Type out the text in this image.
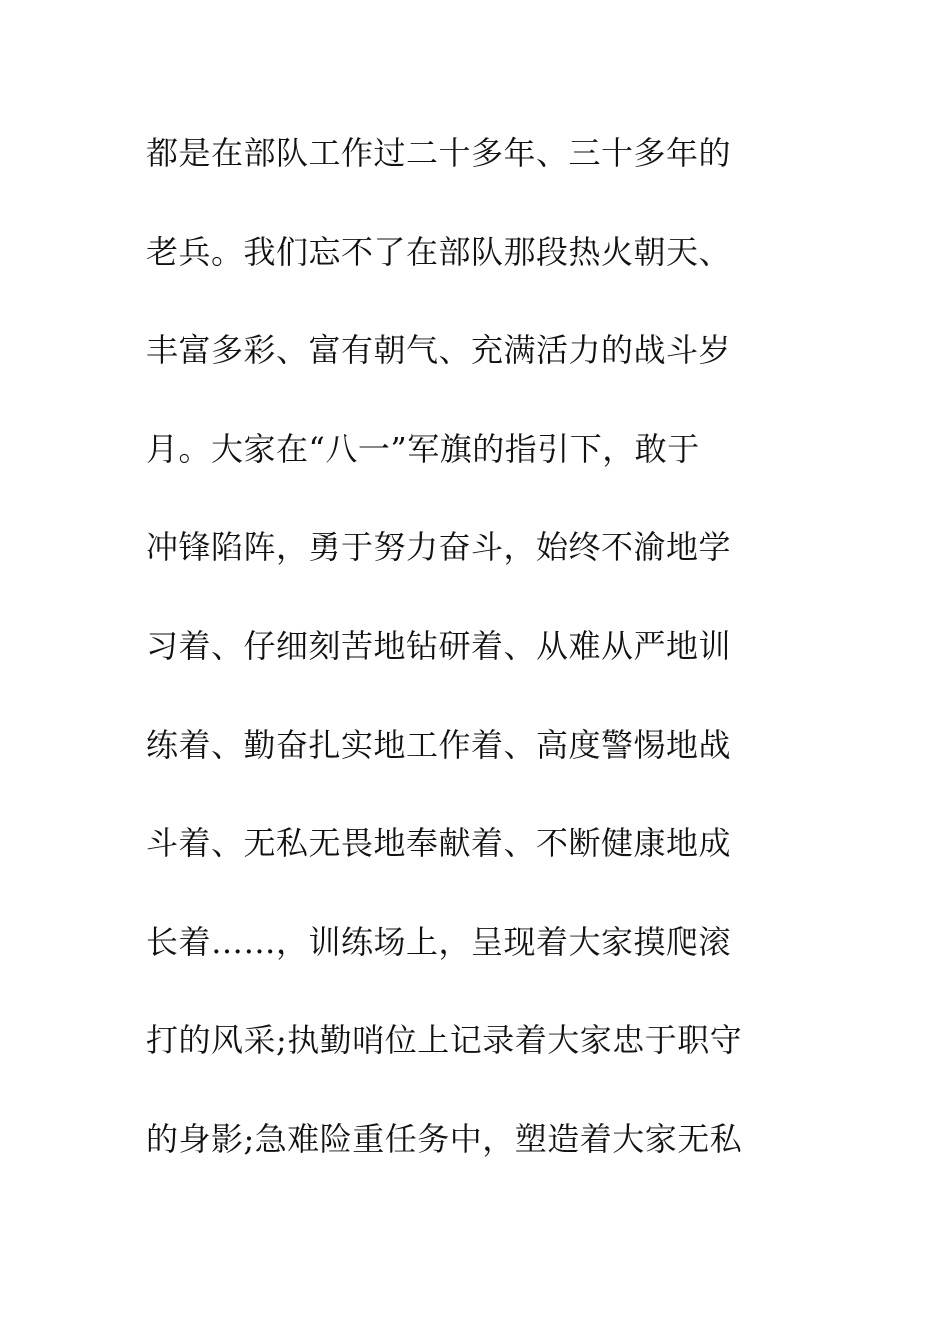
都是在部队工作过二十多年、三十多年的
老兵。我们忘不了在部队那段热火朝天、
丰富多彩、富有朝气、充满活力的战斗岁
月。大家在“八一”军旗的指引下，敢于
冲锋陷阵，勇于努力奋斗，始终不渝地学
习着、仔细刻苦地钻研着、从难从严地训
练着、勤奋扎实地工作着、高度警惕地战
斗着、无私无畏地奉献着、不断健康地成
长着……，训练场上，呈现着大家摸爬滚
打的风采;执勤哨位上记录着大家忠于职守
的身影;急难险重任务中，塑造着大家无私
